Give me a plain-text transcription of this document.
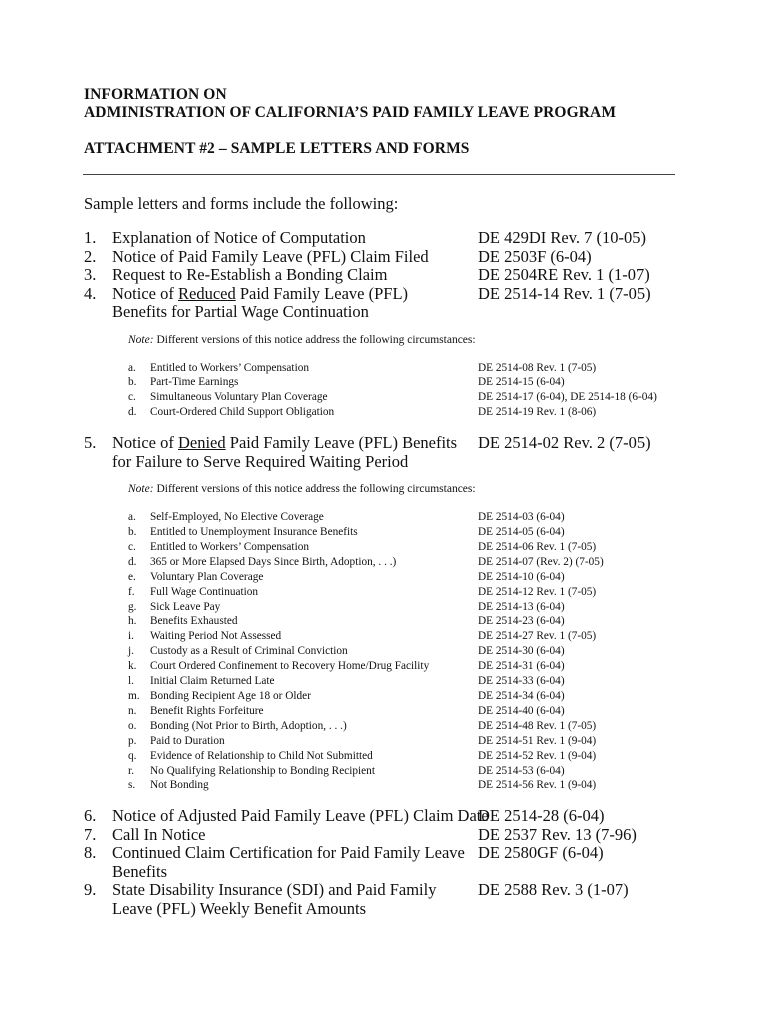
INFORMATION ON
ADMINISTRATION OF CALIFORNIA’S PAID FAMILY LEAVE PROGRAM
ATTACHMENT #2 – SAMPLE LETTERS AND FORMS
Sample letters and forms include the following:
1. Explanation of Notice of Computation	DE 429DI Rev. 7 (10-05)
2. Notice of Paid Family Leave (PFL) Claim Filed	DE 2503F (6-04)
3. Request to Re-Establish a Bonding Claim	DE 2504RE Rev. 1 (1-07)
4. Notice of Reduced Paid Family Leave (PFL) Benefits for Partial Wage Continuation
DE 2514-14 Rev. 1 (7-05)
Note: Different versions of this notice address the following circumstances:
a. Entitled to Workers’ Compensation	DE 2514-08 Rev. 1 (7-05)
b. Part-Time Earnings	DE 2514-15 (6-04)
c. Simultaneous Voluntary Plan Coverage	DE 2514-17 (6-04), DE 2514-18 (6-04)
d. Court-Ordered Child Support Obligation	DE 2514-19 Rev. 1 (8-06)
5. Notice of Denied Paid Family Leave (PFL) Benefits for Failure to Serve Required Waiting Period
DE 2514-02 Rev. 2 (7-05)
Note: Different versions of this notice address the following circumstances:
a. Self-Employed, No Elective Coverage	DE 2514-03 (6-04)
b. Entitled to Unemployment Insurance Benefits	DE 2514-05 (6-04)
c. Entitled to Workers’ Compensation	DE 2514-06 Rev. 1 (7-05)
d. 365 or More Elapsed Days Since Birth, Adoption, . . .)	DE 2514-07 (Rev. 2) (7-05)
e. Voluntary Plan Coverage	DE 2514-10 (6-04)
f. Full Wage Continuation	DE 2514-12 Rev. 1 (7-05)
g. Sick Leave Pay	DE 2514-13 (6-04)
h. Benefits Exhausted	DE 2514-23 (6-04)
i. Waiting Period Not Assessed	DE 2514-27 Rev. 1 (7-05)
j. Custody as a Result of Criminal Conviction	DE 2514-30 (6-04)
k. Court Ordered Confinement to Recovery Home/Drug Facility	DE 2514-31 (6-04)
l. Initial Claim Returned Late	DE 2514-33 (6-04)
m. Bonding Recipient Age 18 or Older	DE 2514-34 (6-04)
n. Benefit Rights Forfeiture	DE 2514-40 (6-04)
o. Bonding (Not Prior to Birth, Adoption, . . .)	DE 2514-48 Rev. 1 (7-05)
p. Paid to Duration	DE 2514-51 Rev. 1 (9-04)
q. Evidence of Relationship to Child Not Submitted	DE 2514-52 Rev. 1 (9-04)
r. No Qualifying Relationship to Bonding Recipient	DE 2514-53 (6-04)
s. Not Bonding	DE 2514-56 Rev. 1 (9-04)
6. Notice of Adjusted Paid Family Leave (PFL) Claim Date
DE 2514-28 (6-04)
7. Call In Notice	DE 2537 Rev. 13 (7-96)
8. Continued Claim Certification for Paid Family Leave Benefits
DE 2580GF (6-04)
9. State Disability Insurance (SDI) and Paid Family Leave (PFL) Weekly Benefit Amounts
DE 2588 Rev. 3 (1-07)
